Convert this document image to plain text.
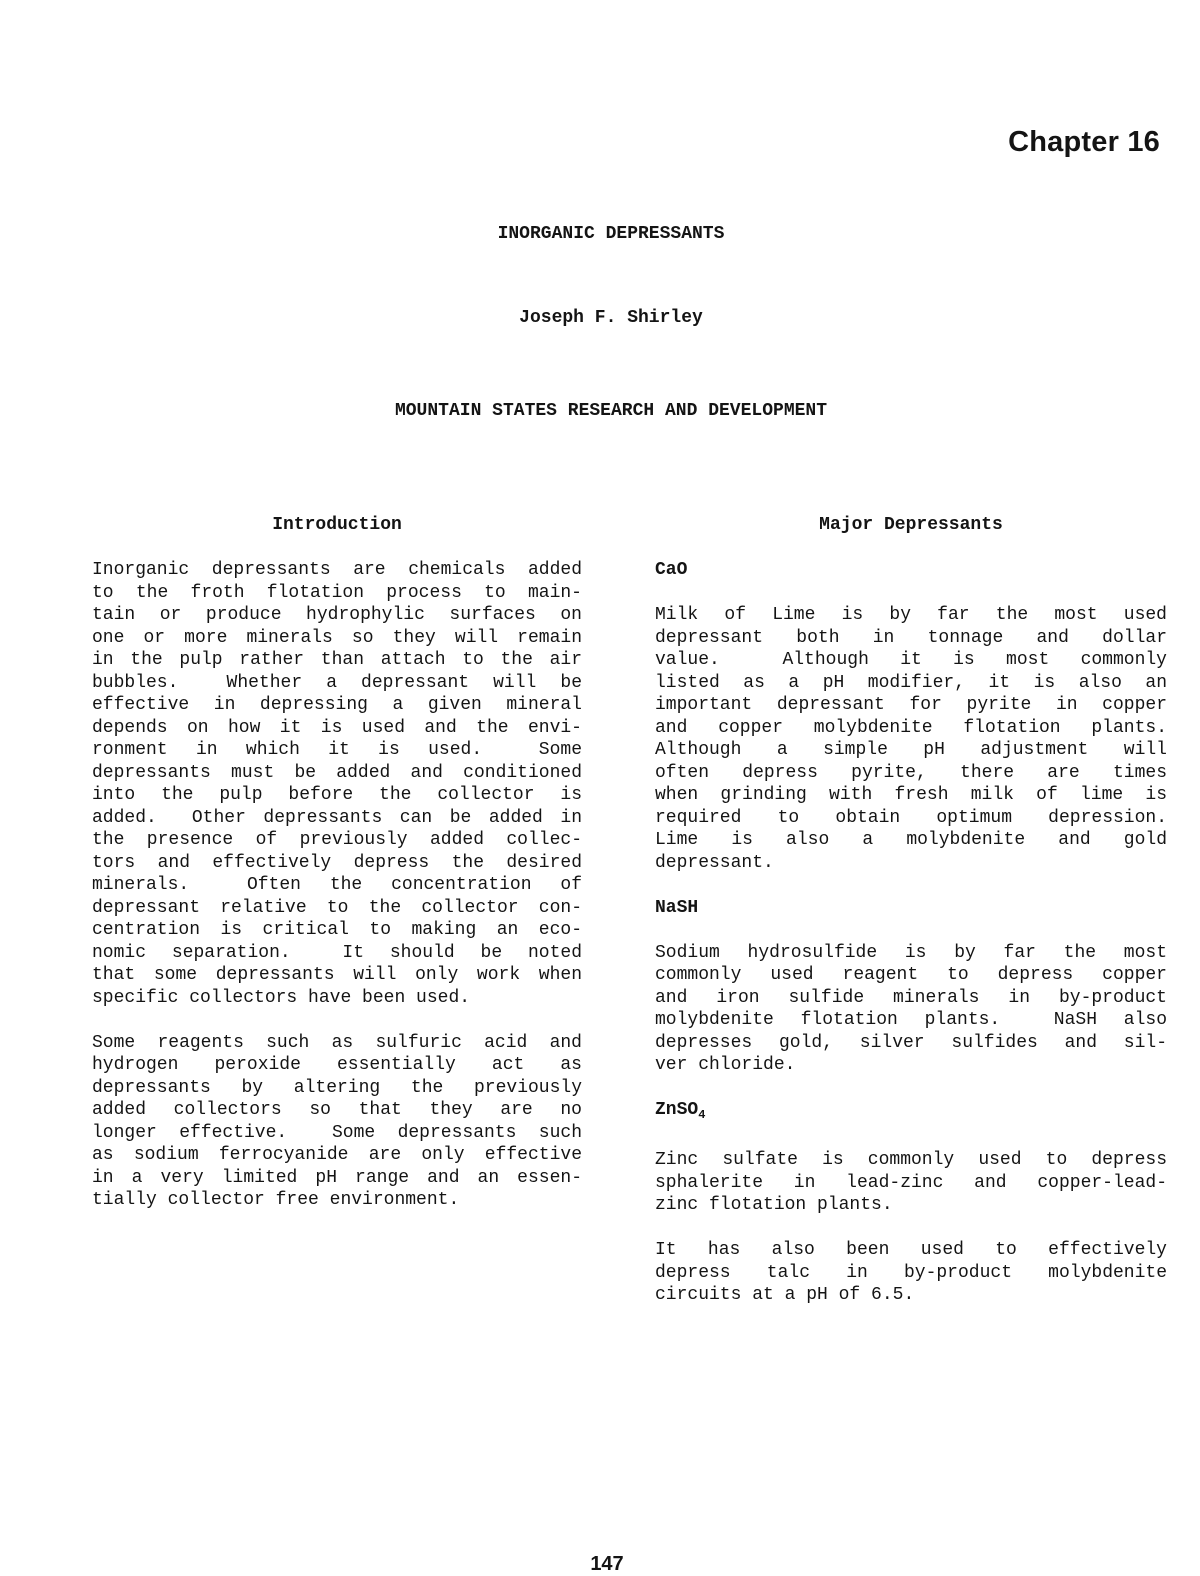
Chapter 16
INORGANIC DEPRESSANTS
Joseph F. Shirley
MOUNTAIN STATES RESEARCH AND DEVELOPMENT
Introduction
Inorganic depressants are chemicals added
to the froth flotation process to main-
tain or produce hydrophylic surfaces on
one or more minerals so they will remain
in the pulp rather than attach to the air
bubbles.  Whether a depressant will be
effective in depressing a given mineral
depends on how it is used and the envi-
ronment in which it is used.  Some
depressants must be added and conditioned
into the pulp before the collector is
added.  Other depressants can be added in
the presence of previously added collec-
tors and effectively depress the desired
minerals.  Often the concentration of
depressant relative to the collector con-
centration is critical to making an eco-
nomic separation.  It should be noted
that some depressants will only work when
specific collectors have been used.
Some reagents such as sulfuric acid and
hydrogen peroxide essentially act as
depressants by altering the previously
added collectors so that they are no
longer effective.  Some depressants such
as sodium ferrocyanide are only effective
in a very limited pH range and an essen-
tially collector free environment.
Major Depressants
CaO
Milk of Lime is by far the most used
depressant both in tonnage and dollar
value.  Although it is most commonly
listed as a pH modifier, it is also an
important depressant for pyrite in copper
and copper molybdenite flotation plants.
Although a simple pH adjustment will
often depress pyrite, there are times
when grinding with fresh milk of lime is
required to obtain optimum depression.
Lime is also a molybdenite and gold
depressant.
NaSH
Sodium hydrosulfide is by far the most
commonly used reagent to depress copper
and iron sulfide minerals in by-product
molybdenite flotation plants.  NaSH also
depresses gold, silver sulfides and sil-
ver chloride.
ZnSO$_4$
Zinc sulfate is commonly used to depress
sphalerite in lead-zinc and copper-lead-
zinc flotation plants.
It has also been used to effectively
depress talc in by-product molybdenite
circuits at a pH of 6.5.
147
